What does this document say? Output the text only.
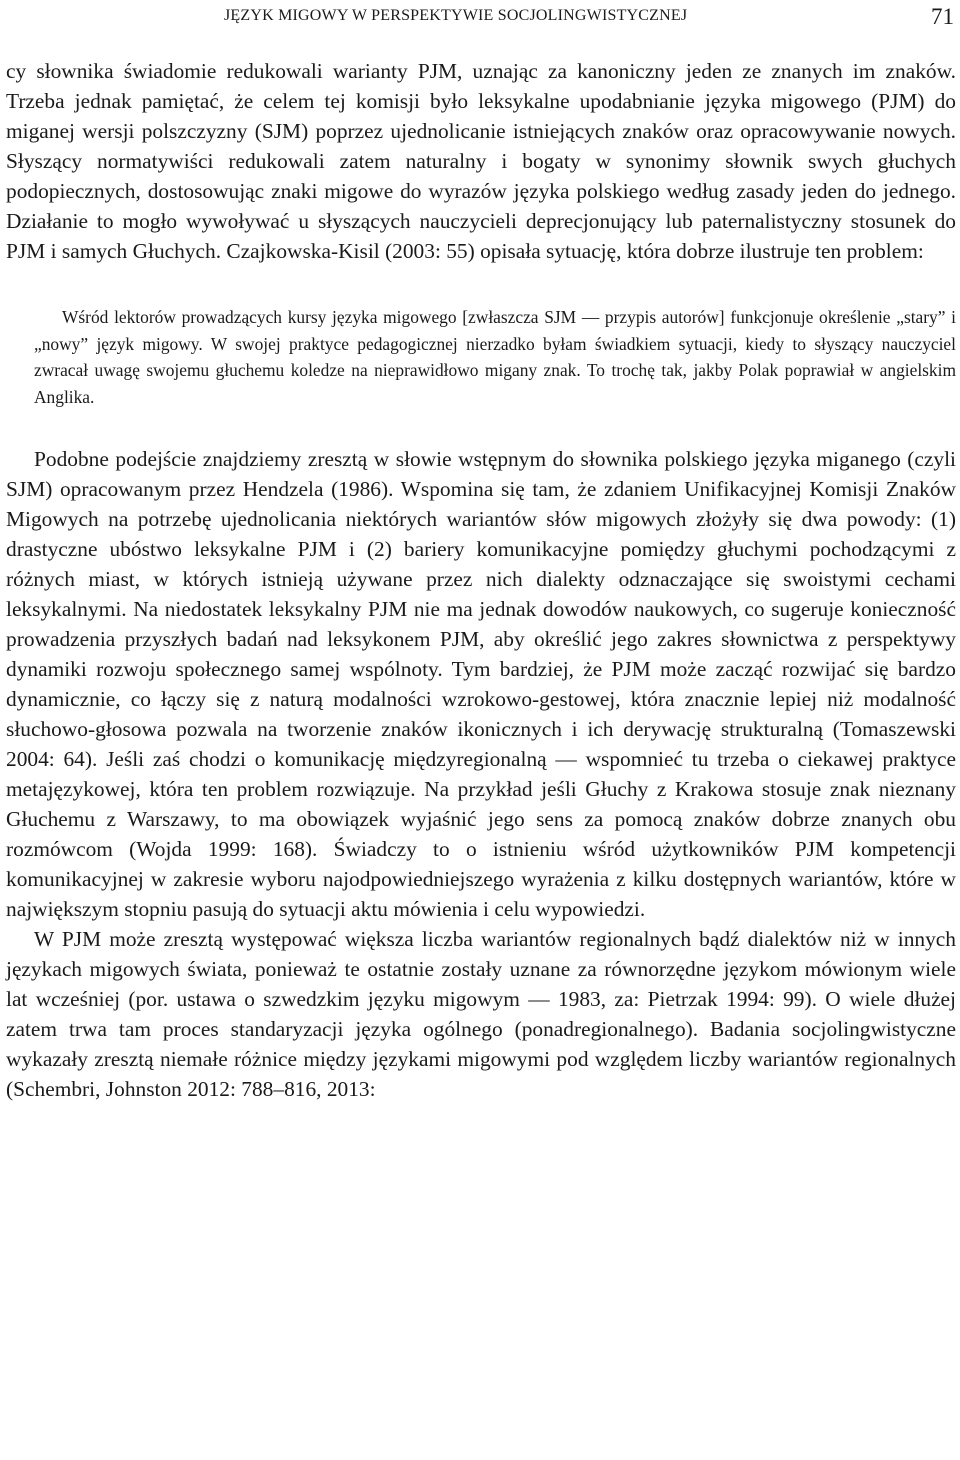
JĘZYK MIGOWY W PERSPEKTYWIE SOCJOLINGWISTYCZNEJ	71

cy słownika świadomie redukowali warianty PJM, uznając za kanoniczny jeden ze znanych im znaków. Trzeba jednak pamiętać, że celem tej komisji było leksykalne upodabnianie języka migowego (PJM) do miganej wersji polszczyzny (SJM) poprzez ujednolicanie istniejących znaków oraz opracowywanie nowych. Słyszący normatywiści redukowali zatem naturalny i bogaty w synonimy słownik swych głuchych podopiecznych, dostosowując znaki migowe do wyrazów języka polskiego według zasady jeden do jednego. Działanie to mogło wywoływać u słyszących nauczycieli deprecjonujący lub paternalistyczny stosunek do PJM i samych Głuchych. Czajkowska-Kisil (2003: 55) opisała sytuację, która dobrze ilustruje ten problem:

Wśród lektorów prowadzących kursy języka migowego [zwłaszcza SJM — przypis autorów] funkcjonuje określenie „stary” i „nowy” język migowy. W swojej praktyce pedagogicznej nierzadko byłam świadkiem sytuacji, kiedy to słyszący nauczyciel zwracał uwagę swojemu głuchemu koledze na nieprawidłowo migany znak. To trochę tak, jakby Polak poprawiał w angielskim Anglika.

Podobne podejście znajdziemy zresztą w słowie wstępnym do słownika polskiego języka miganego (czyli SJM) opracowanym przez Hendzela (1986). Wspomina się tam, że zdaniem Unifikacyjnej Komisji Znaków Migowych na potrzebę ujednolicania niektórych wariantów słów migowych złożyły się dwa powody: (1) drastyczne ubóstwo leksykalne PJM i (2) bariery komunikacyjne pomiędzy głuchymi pochodzącymi z różnych miast, w których istnieją używane przez nich dialekty odznaczające się swoistymi cechami leksykalnymi. Na niedostatek leksykalny PJM nie ma jednak dowodów naukowych, co sugeruje konieczność prowadzenia przyszłych badań nad leksykonem PJM, aby określić jego zakres słownictwa z perspektywy dynamiki rozwoju społecznego samej wspólnoty. Tym bardziej, że PJM może zacząć rozwijać się bardzo dynamicznie, co łączy się z naturą modalności wzrokowo-gestowej, która znacznie lepiej niż modalność słuchowo-głosowa pozwala na tworzenie znaków ikonicznych i ich derywację strukturalną (Tomaszewski 2004: 64). Jeśli zaś chodzi o komunikację międzyregionalną — wspomnieć tu trzeba o ciekawej praktyce metajęzykowej, która ten problem rozwiązuje. Na przykład jeśli Głuchy z Krakowa stosuje znak nieznany Głuchemu z Warszawy, to ma obowiązek wyjaśnić jego sens za pomocą znaków dobrze znanych obu rozmówcom (Wojda 1999: 168). Świadczy to o istnieniu wśród użytkowników PJM kompetencji komunikacyjnej w zakresie wyboru najodpowiedniejszego wyrażenia z kilku dostępnych wariantów, które w największym stopniu pasują do sytuacji aktu mówienia i celu wypowiedzi.

W PJM może zresztą występować większa liczba wariantów regionalnych bądź dialektów niż w innych językach migowych świata, ponieważ te ostatnie zostały uznane za równorzędne językom mówionym wiele lat wcześniej (por. ustawa o szwedzkim języku migowym — 1983, za: Pietrzak 1994: 99). O wiele dłużej zatem trwa tam proces standaryzacji języka ogólnego (ponadregionalnego). Badania socjolingwistyczne wykazały zresztą niemałe różnice między językami migowymi pod względem liczby wariantów regionalnych (Schembri, Johnston 2012: 788–816, 2013:
